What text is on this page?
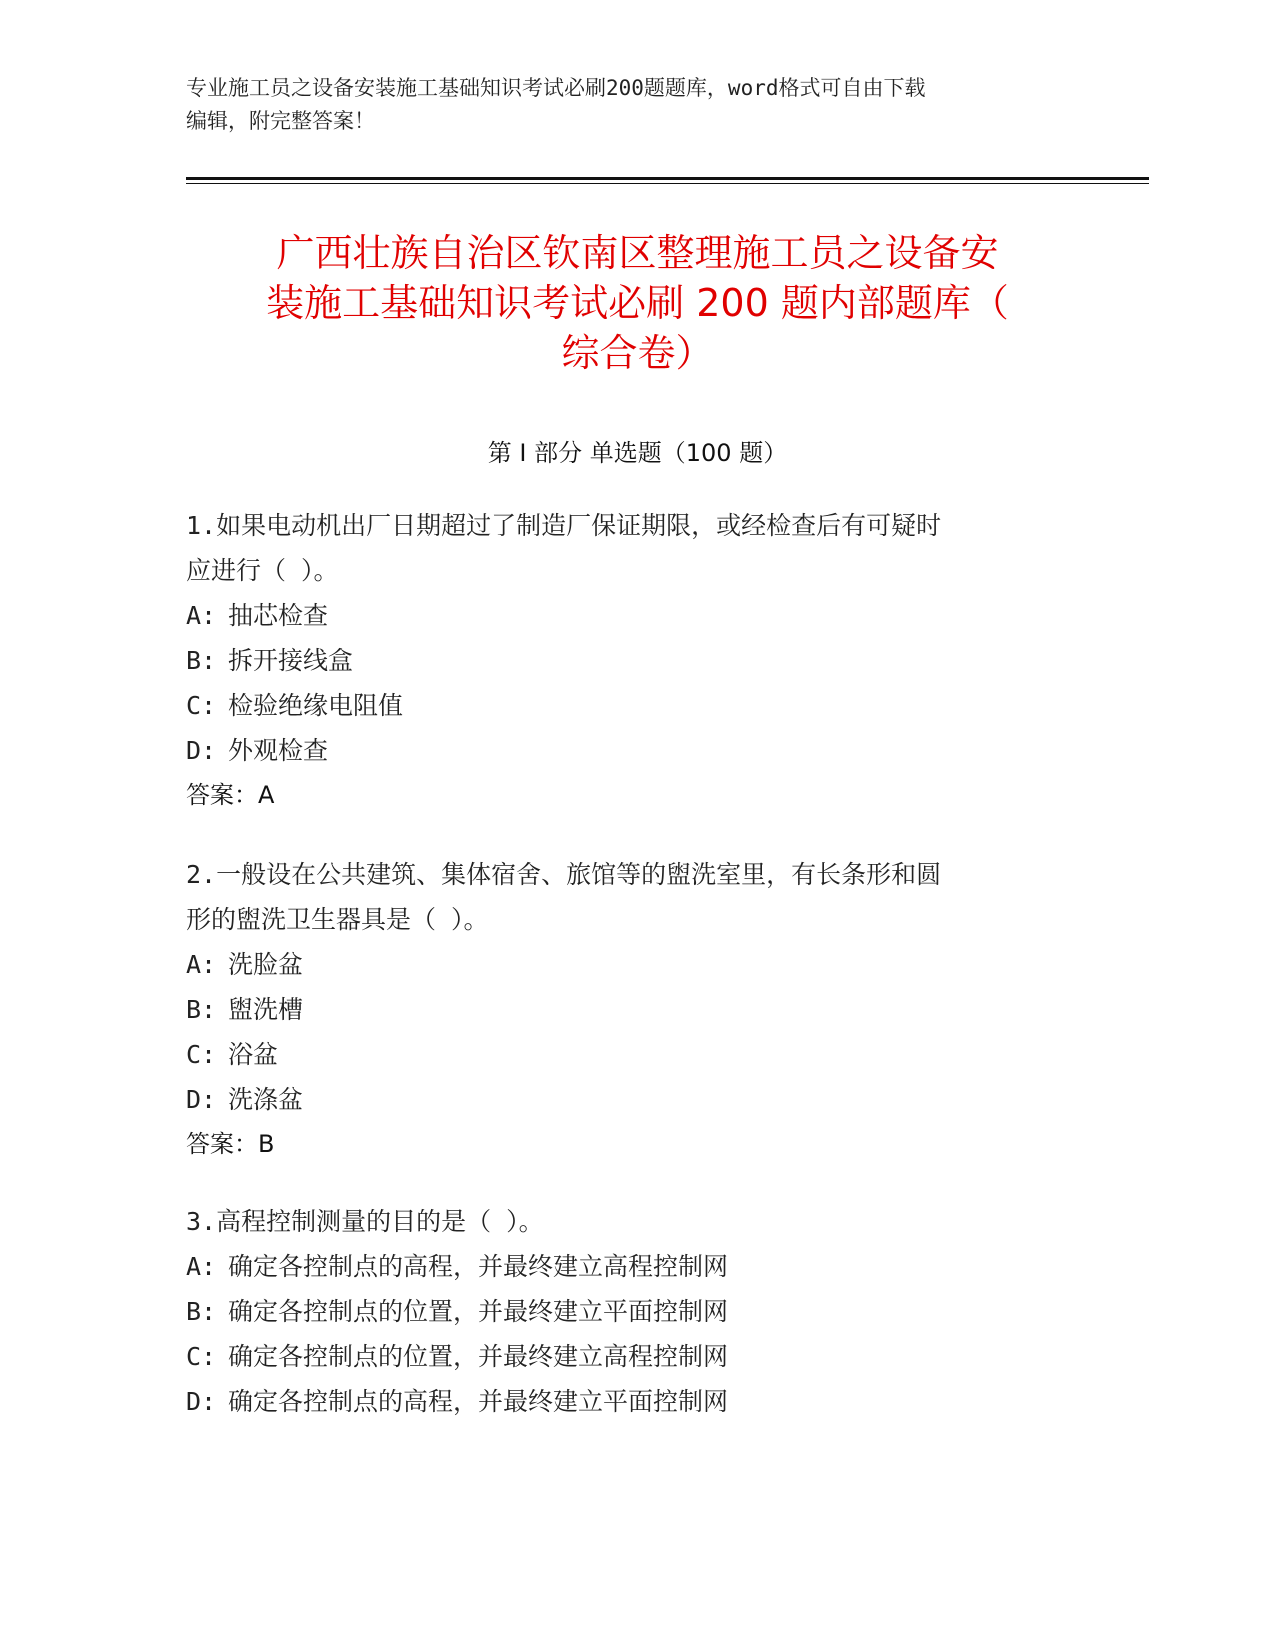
专业施工员之设备安装施工基础知识考试必刷200题题库，word格式可自由下载
编辑，附完整答案！
广西壮族自治区钦南区整理施工员之设备安
装施工基础知识考试必刷 200 题内部题库（
综合卷）
第 I 部分 单选题（100 题）

1.如果电动机出厂日期超过了制造厂保证期限，或经检查后有可疑时

应进行（ ）。

A: 抽芯检查

B: 拆开接线盒

C: 检验绝缘电阻值

D: 外观检查

答案：A

2.一般设在公共建筑、集体宿舍、旅馆等的盥洗室里，有长条形和圆

形的盥洗卫生器具是（ ）。

A: 洗脸盆

B: 盥洗槽

C: 浴盆

D: 洗涤盆

答案：B

3.高程控制测量的目的是（ ）。

A: 确定各控制点的高程，并最终建立高程控制网

B: 确定各控制点的位置，并最终建立平面控制网

C: 确定各控制点的位置，并最终建立高程控制网

D: 确定各控制点的高程，并最终建立平面控制网
